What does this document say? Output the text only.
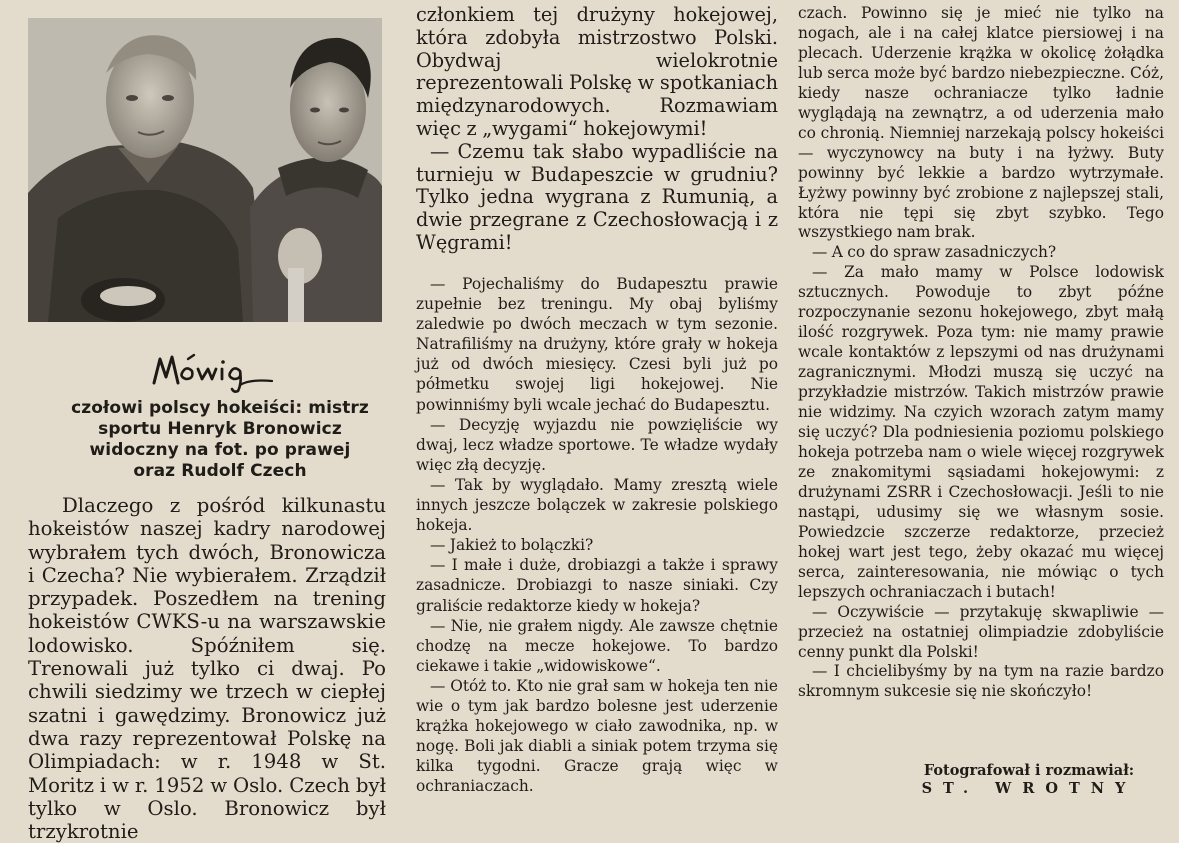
czołowi polscy hokeiści: mistrz sportu Henryk Bronowicz widoczny na fot. po prawej oraz Rudolf Czech
Dlaczego z pośród kilkunastu hokeistów naszej kadry narodowej wybrałem tych dwóch, Bronowicza i Czecha? Nie wybierałem. Zrządził przypadek. Poszedłem na trening hokeistów CWKS-u na warszawskie lodowisko. Spóźniłem się. Trenowali już tylko ci dwaj. Po chwili siedzimy we trzech w ciepłej szatni i gawędzimy. Bronowicz już dwa razy reprezentował Polskę na Olimpiadach: w r. 1948 w St. Moritz i w r. 1952 w Oslo. Czech był tylko w Oslo. Bronowicz był trzykrotnie

członkiem tej drużyny hokejowej, która zdobyła mistrzostwo Polski. Obydwaj wielokrotnie reprezentowali Polskę w spotkaniach międzynarodowych. Rozmawiam więc z „wygami“ hokejowymi!

— Czemu tak słabo wypadliście na turnieju w Budapeszcie w grudniu? Tylko jedna wygrana z Rumunią, a dwie przegrane z Czechosłowacją i z Węgrami!

— Pojechaliśmy do Budapesztu prawie zupełnie bez treningu. My obaj byliśmy zaledwie po dwóch meczach w tym sezonie. Natrafiliśmy na drużyny, które grały w hokeja już od dwóch miesięcy. Czesi byli już po półmetku swojej ligi hokejowej. Nie powinniśmy byli wcale jechać do Budapesztu.

— Decyzję wyjazdu nie powzięliście wy dwaj, lecz władze sportowe. Te władze wydały więc złą decyzję.

— Tak by wyglądało. Mamy zresztą wiele innych jeszcze bolączek w zakresie polskiego hokeja.

— Jakież to bolączki?

— I małe i duże, drobiazgi a także i sprawy zasadnicze. Drobiazgi to nasze siniaki. Czy graliście redaktorze kiedy w hokeja?

— Nie, nie grałem nigdy. Ale zawsze chętnie chodzę na mecze hokejowe. To bardzo ciekawe i takie „widowiskowe“.

— Otóż to. Kto nie grał sam w hokeja ten nie wie o tym jak bardzo bolesne jest uderzenie krążka hokejowego w ciało zawodnika, np. w nogę. Boli jak diabli a siniak potem trzyma się kilka tygodni. Gracze grają więc w ochraniaczach.

czach. Powinno się je mieć nie tylko na nogach, ale i na całej klatce piersiowej i na plecach. Uderzenie krążka w okolicę żołądka lub serca może być bardzo niebezpieczne. Cóż, kiedy nasze ochraniacze tylko ładnie wyglądają na zewnątrz, a od uderzenia mało co chronią. Niemniej narzekają polscy hokeiści — wyczynowcy na buty i na łyżwy. Buty powinny być lekkie a bardzo wytrzymałe. Łyżwy powinny być zrobione z najlepszej stali, która nie tępi się zbyt szybko. Tego wszystkiego nam brak.

— A co do spraw zasadniczych?

— Za mało mamy w Polsce lodowisk sztucznych. Powoduje to zbyt późne rozpoczynanie sezonu hokejowego, zbyt małą ilość rozgrywek. Poza tym: nie mamy prawie wcale kontaktów z lepszymi od nas drużynami zagranicznymi. Młodzi muszą się uczyć na przykładzie mistrzów. Takich mistrzów prawie nie widzimy. Na czyich wzorach zatym mamy się uczyć? Dla podniesienia poziomu polskiego hokeja potrzeba nam o wiele więcej rozgrywek ze znakomitymi sąsiadami hokejowymi: z drużynami ZSRR i Czechosłowacji. Jeśli to nie nastąpi, udusimy się we własnym sosie. Powiedzcie szczerze redaktorze, przecież hokej wart jest tego, żeby okazać mu więcej serca, zainteresowania, nie mówiąc o tych lepszych ochraniaczach i butach!

— Oczywiście — przytakuję skwapliwie — przecież na ostatniej olimpiadzie zdobyliście cenny punkt dla Polski!

— I chcielibyśmy by na tym na razie bardzo skromnym sukcesie się nie skończyło!

Fotografował i rozmawiał:
ST. WROTNY
